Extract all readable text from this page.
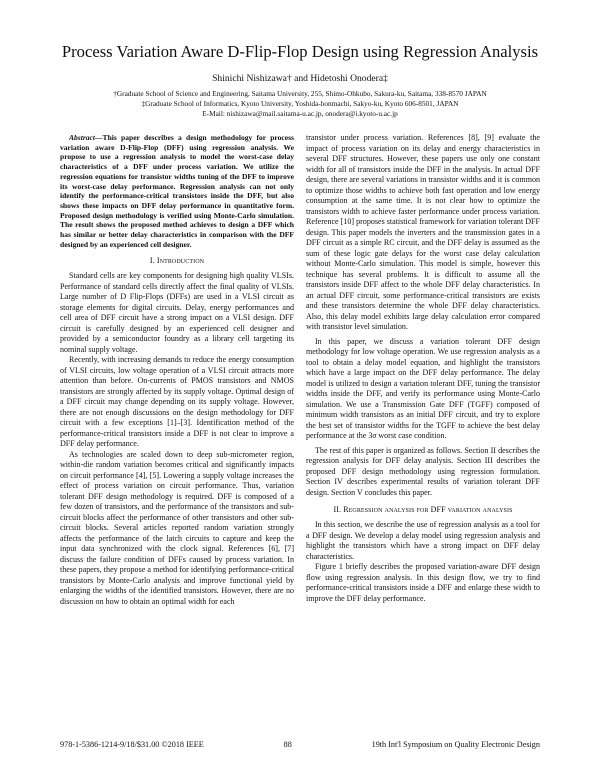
Process Variation Aware D-Flip-Flop Design using Regression Analysis
Shinichi Nishizawa† and Hidetoshi Onodera‡
†Graduate School of Science and Engineering, Saitama University, 255, Shimo-Ohkubo, Sakura-ku, Saitama, 338-8570 JAPAN
‡Graduate School of Informatics, Kyoto University, Yoshida-honmachi, Sakyo-ku, Kyoto 606-8501, JAPAN
E-Mail: nishizawa@mail.saitama-u.ac.jp, onodera@i.kyoto-u.ac.jp

Abstract—This paper describes a design methodology for process variation aware D-Flip-Flop (DFF) using regression analysis. We propose to use a regression analysis to model the worst-case delay characteristics of a DFF under process variation. We utilize the regression equations for transistor widths tuning of the DFF to improve its worst-case delay performance. Regression analysis can not only identify the performance-critical transistors inside the DFF, but also shows these impacts on DFF delay performance in quantitative form. Proposed design methodology is verified using Monte-Carlo simulation. The result shows the proposed method achieves to design a DFF which has similar or better delay characteristics in comparison with the DFF designed by an experienced cell designer.

I. Introduction

Standard cells are key components for designing high quality VLSIs. Performance of standard cells directly affect the final quality of VLSIs. Large number of D Flip-Flops (DFFs) are used in a VLSI circuit as storage elements for digital circuits. Delay, energy performances and cell area of DFF circuit have a strong impact on a VLSI design. DFF circuit is carefully designed by an experienced cell designer and provided by a semiconductor foundry as a library cell targeting its nominal supply voltage.

Recently, with increasing demands to reduce the energy consumption of VLSI circuits, low voltage operation of a VLSI circuit attracts more attention than before. On-currents of PMOS transistors and NMOS transistors are strongly affected by its supply voltage. Optimal design of a DFF circuit may change depending on its supply voltage. However, there are not enough discussions on the design methodology for DFF circuit with a few exceptions [1]–[3]. Identification method of the performance-critical transistors inside a DFF is not clear to improve a DFF delay performance.

As technologies are scaled down to deep sub-micrometer region, within-die random variation becomes critical and significantly impacts on circuit performance [4], [5]. Lowering a supply voltage increases the effect of process variation on circuit performance. Thus, variation tolerant DFF design methodology is required. DFF is composed of a few dozen of transistors, and the performance of the transistors and sub-circuit blocks affect the performance of other transistors and other sub-circuit blocks. Several articles reported random variation strongly affects the performance of the latch circuits to capture and keep the input data synchronized with the clock signal. References [6], [7] discuss the failure condition of DFFs caused by process variation. In these papers, they propose a method for identifying performance-critical transistors by Monte-Carlo analysis and improve functional yield by enlarging the widths of the identified transistors. However, there are no discussion on how to obtain an optimal width for each

transistor under process variation. References [8], [9] evaluate the impact of process variation on its delay and energy characteristics in several DFF structures. However, these papers use only one constant width for all of transistors inside the DFF in the analysis. In actual DFF design, there are several variations in transistor widths and it is common to optimize those widths to achieve both fast operation and low energy consumption at the same time. It is not clear how to optimize the transistors width to achieve faster performance under process variation. Reference [10] proposes statistical framework for variation tolerant DFF design. This paper models the inverters and the transmission gates in a DFF circuit as a simple RC circuit, and the DFF delay is assumed as the sum of these logic gate delays for the worst case delay calculation without Monte-Carlo simulation. This model is simple, however this technique has several problems. It is difficult to assume all the transistors inside DFF affect to the whole DFF delay characteristics. In an actual DFF circuit, some performance-critical transistors are exists and these transistors determine the whole DFF delay characteristics. Also, this delay model exhibits large delay calculation error compared with transistor level simulation.

In this paper, we discuss a variation tolerant DFF design methodology for low voltage operation. We use regression analysis as a tool to obtain a delay model equation, and highlight the transistors which have a large impact on the DFF delay performance. The delay model is utilized to design a variation tolerant DFF, tuning the transistor widths inside the DFF, and verify its performance using Monte-Carlo simulation. We use a Transmission Gate DFF (TGFF) composed of minimum width transistors as an initial DFF circuit, and try to explore the best set of transistor widths for the TGFF to achieve the best delay performance at the 3σ worst case condition.

The rest of this paper is organized as follows. Section II describes the regression analysis for DFF delay analysis. Section III describes the proposed DFF design methodology using regression formulation. Section IV describes experimental results of variation tolerant DFF design. Section V concludes this paper.

II. Regression analysis for DFF variation analysis

In this section, we describe the use of regression analysis as a tool for a DFF design. We develop a delay model using regression analysis and highlight the transistors which have a strong impact on DFF delay characteristics.

Figure 1 briefly describes the proposed variation-aware DFF design flow using regression analysis. In this design flow, we try to find performance-critical transistors inside a DFF and enlarge these width to improve the DFF delay performance.

978-1-5386-1214-9/18/$31.00 ©2018 IEEE	88	19th Int'l Symposium on Quality Electronic Design
